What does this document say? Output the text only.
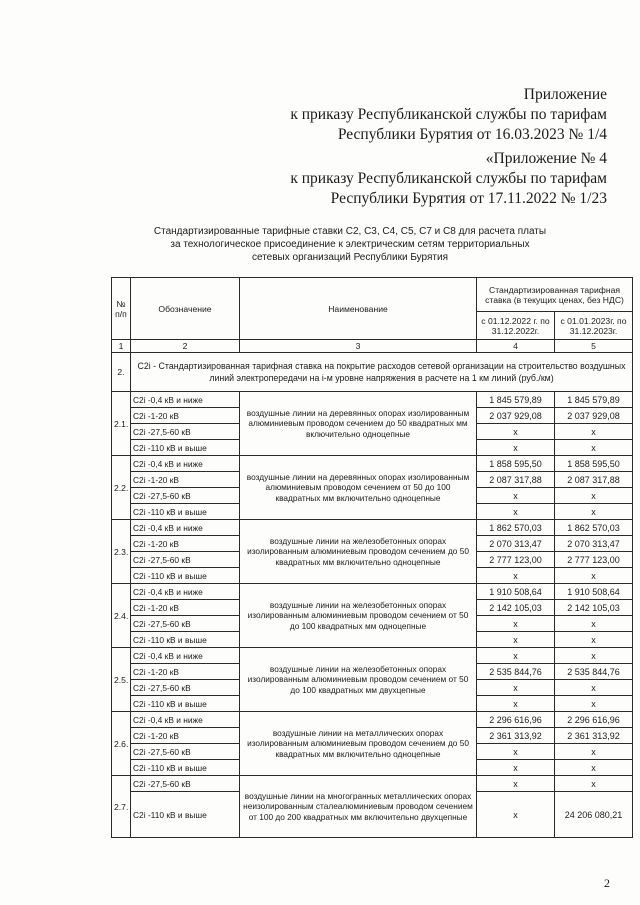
Приложение
к приказу Республиканской службы по тарифам
Республики Бурятия от 16.03.2023 № 1/4
«Приложение № 4
к приказу Республиканской службы по тарифам
Республики Бурятия от 17.11.2022 № 1/23
Стандартизированные тарифные ставки C2, C3, C4, C5, C7 и C8 для расчета платы
за технологическое присоединение к электрическим сетям территориальных
сетевых организаций Республики Бурятия
№ п/п	Обозначение	Наименование	Стандартизированная тарифная ставка (в текущих ценах, без НДС)	
			с 01.12.2022 г. по 31.12.2022г.	с 01.01.2023г. по 31.12.2023г.
1	2	3	4	5
2.	C2i - Стандартизированная тарифная ставка на покрытие расходов сетевой организации на строительство воздушных линий электропередачи на i-м уровне напряжения в расчете на 1 км линий (руб./км)			
2.1.	C2i -0,4 кВ и ниже	воздушные линии на деревянных опорах изолированным алюминиевым проводом сечением до 50 квадратных мм включительно одноцепные	1 845 579,89	1 845 579,89
	C2i -1-20 кВ		2 037 929,08	2 037 929,08
	C2i -27,5-60 кВ		x	x
	C2i -110 кВ и выше		x	x
2.2.	C2i -0,4 кВ и ниже	воздушные линии на деревянных опорах изолированным алюминиевым проводом сечением от 50 до 100 квадратных мм включительно одноцепные	1 858 595,50	1 858 595,50
	C2i -1-20 кВ		2 087 317,88	2 087 317,88
	C2i -27,5-60 кВ		x	x
	C2i -110 кВ и выше		x	x
2.3.	C2i -0,4 кВ и ниже	воздушные линии на железобетонных опорах изолированным алюминиевым проводом сечением до 50 квадратных мм включительно одноцепные	1 862 570,03	1 862 570,03
	C2i -1-20 кВ		2 070 313,47	2 070 313,47
	C2i -27,5-60 кВ		2 777 123,00	2 777 123,00
	C2i -110 кВ и выше		x	x
2.4.	C2i -0,4 кВ и ниже	воздушные линии на железобетонных опорах изолированным алюминиевым проводом сечением от 50 до 100 квадратных мм одноцепные	1 910 508,64	1 910 508,64
	C2i -1-20 кВ		2 142 105,03	2 142 105,03
	C2i -27,5-60 кВ		x	x
	C2i -110 кВ и выше		x	x
2.5.	C2i -0,4 кВ и ниже	воздушные линии на железобетонных опорах изолированным алюминиевым проводом сечением от 50 до 100 квадратных мм двухцепные	x	x
	C2i -1-20 кВ		2 535 844,76	2 535 844,76
	C2i -27,5-60 кВ		x	x
	C2i -110 кВ и выше		x	x
2.6.	C2i -0,4 кВ и ниже	воздушные линии на металлических опорах изолированным алюминиевым проводом сечением до 50 квадратных мм включительно одноцепные	2 296 616,96	2 296 616,96
	C2i -1-20 кВ		2 361 313,92	2 361 313,92
	C2i -27,5-60 кВ		x	x
	C2i -110 кВ и выше		x	x
2.7.	C2i -27,5-60 кВ	воздушные линии на многогранных металлических опорах неизолированным сталеалюминиевым проводом сечением от 100 до 200 квадратных мм включительно двухцепные	x	x
	C2i -110 кВ и выше		x	24 206 080,21
2
